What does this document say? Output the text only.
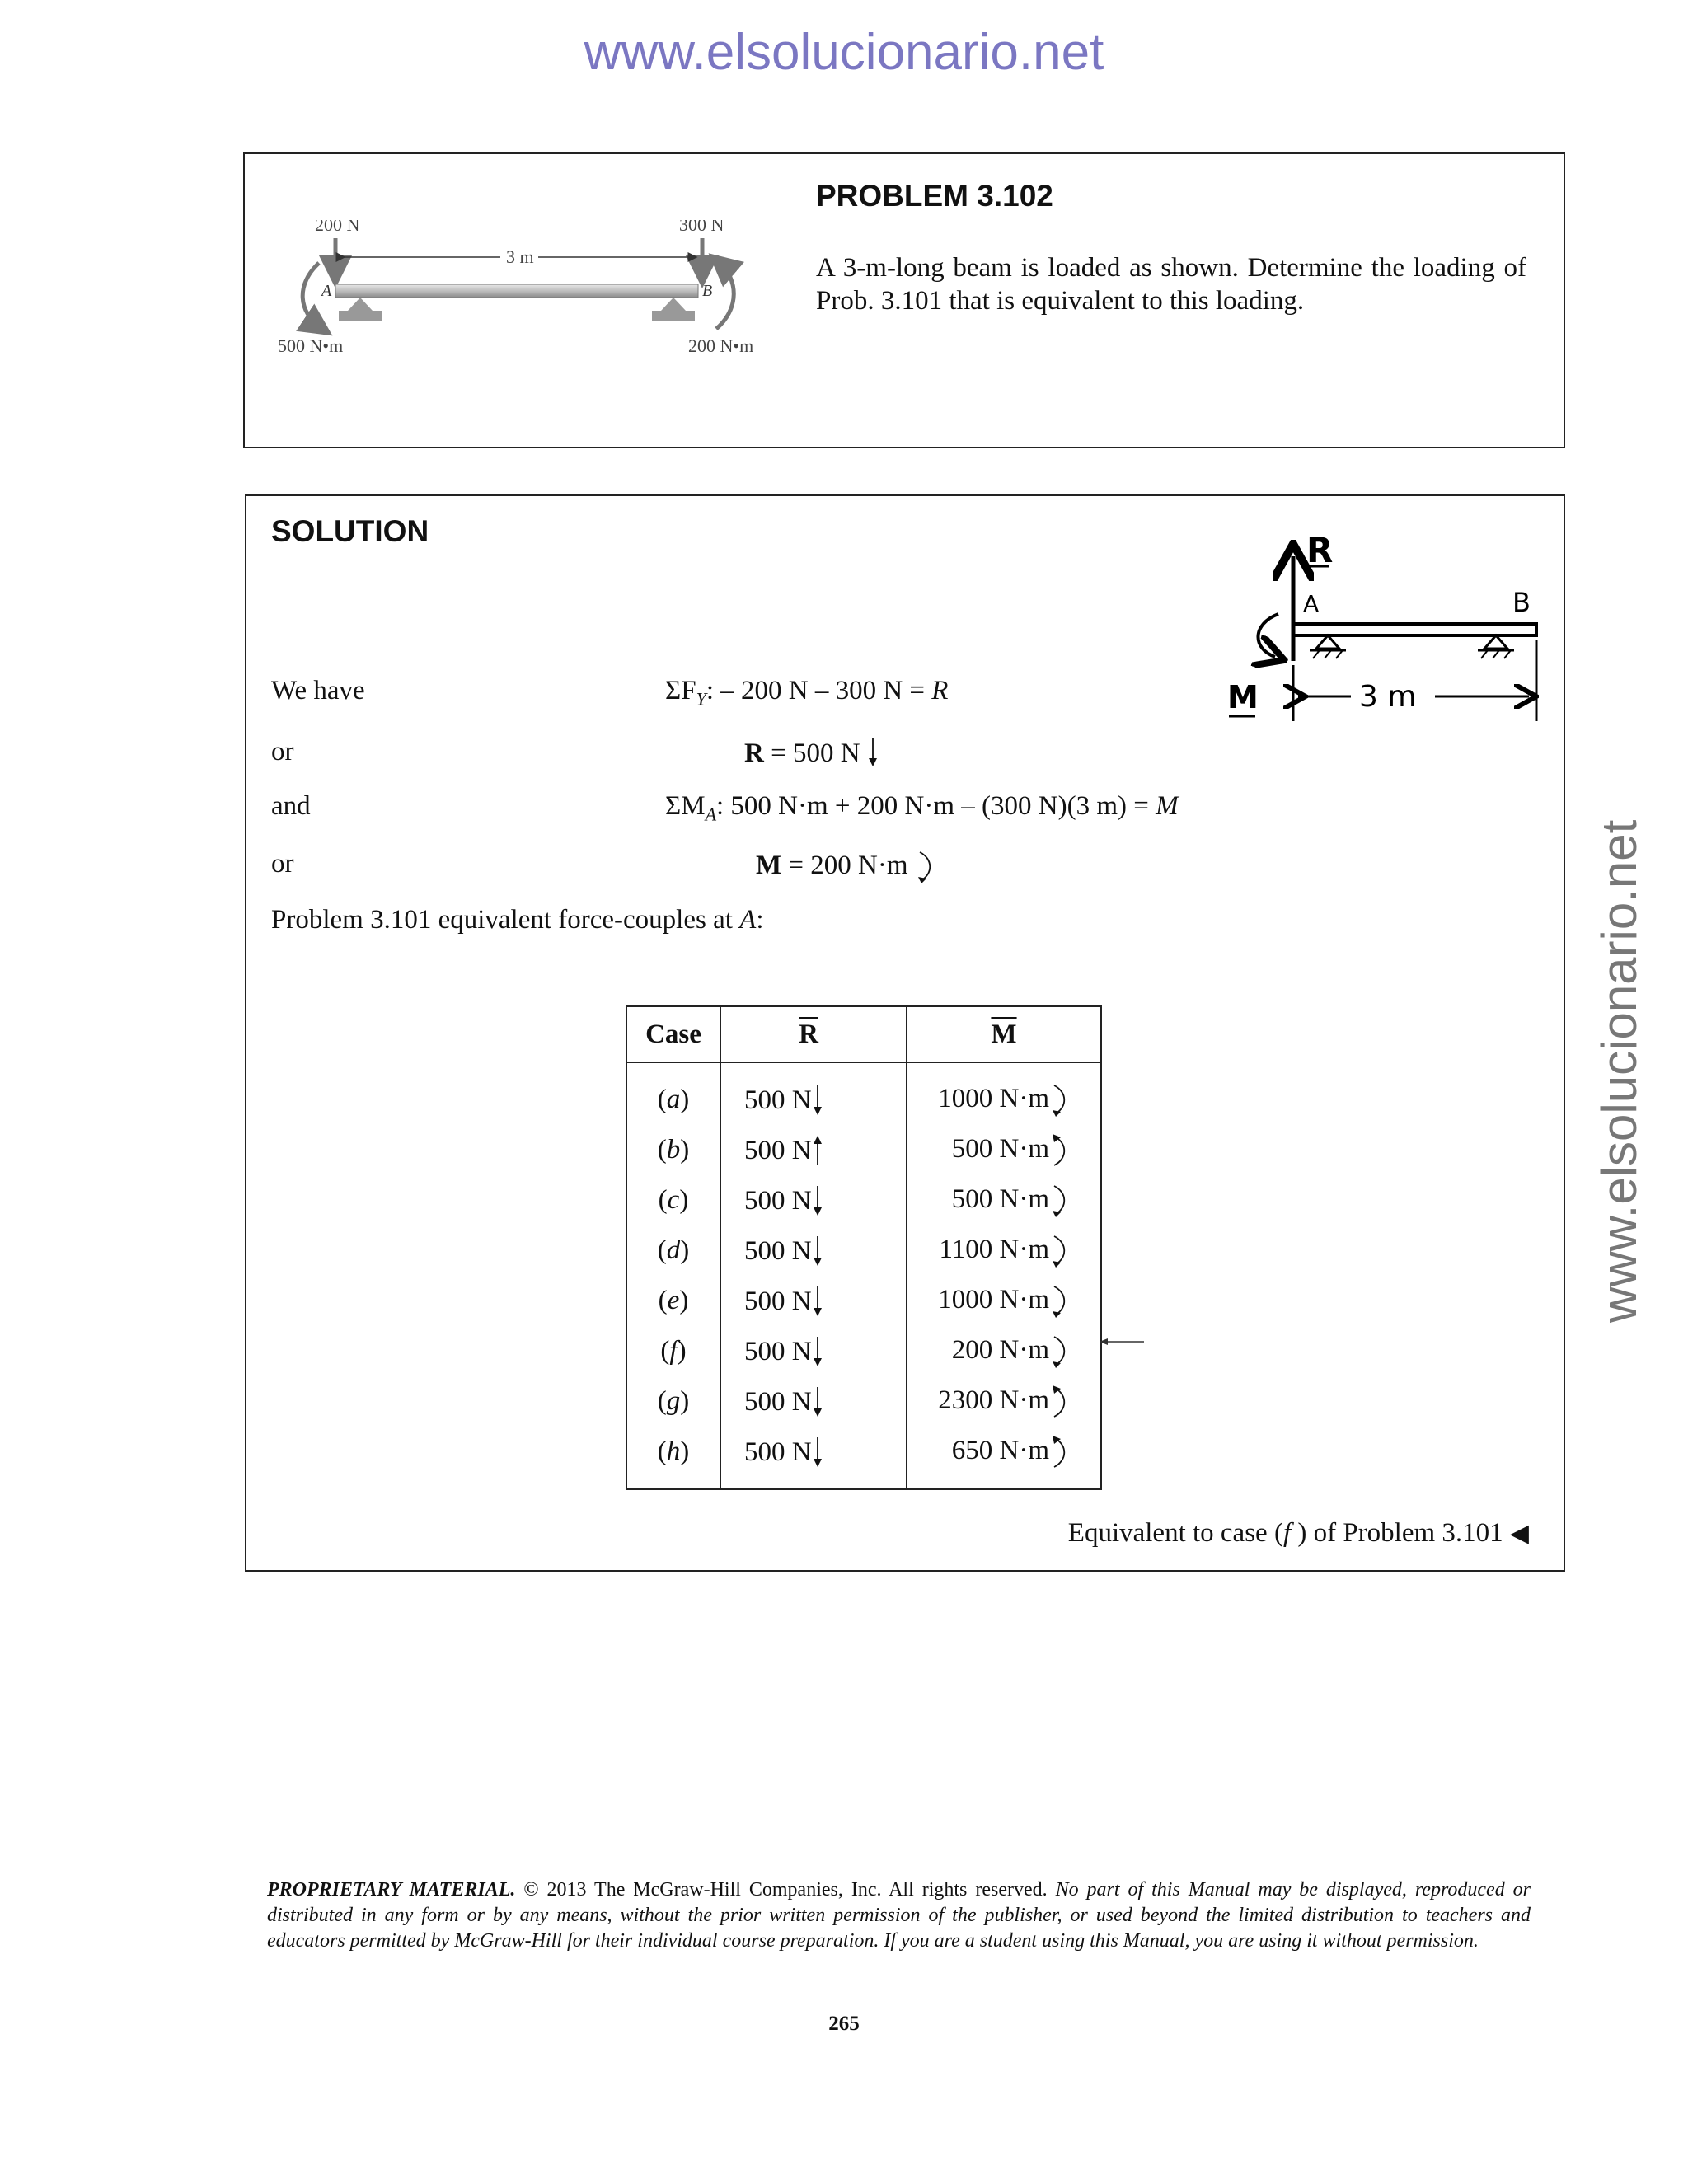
www.elsolucionario.net
www.elsolucionario.net
200 N	300 N
3 m
A	B
500 N•m	200 N•m
PROBLEM 3.102
A 3-m-long beam is loaded as shown. Determine the loading of Prob. 3.101 that is equivalent to this loading.
SOLUTION	R
A	B
M	3 m
We have	$\Sigma F_Y$: – 200 N – 300 N = R
or	R = 500 N
and	$\Sigma M_A$: 500 N·m + 200 N·m – (300 N)(3 m) = M
or	M = 200 N·m
Problem 3.101 equivalent force-couples at A:
Case	$\overline{R}$	$\overline{M}$
(a)	500 N	1000 N·m
(b)	500 N	500 N·m
(c)	500 N	500 N·m
(d)	500 N	1100 N·m
(e)	500 N	1000 N·m
(f)	500 N	200 N·m
(g)	500 N	2300 N·m
(h)	500 N	650 N·m
Equivalent to case (f ) of Problem 3.101 ◀
PROPRIETARY MATERIAL. © 2013 The McGraw-Hill Companies, Inc. All rights reserved. No part of this Manual may be displayed, reproduced or distributed in any form or by any means, without the prior written permission of the publisher, or used beyond the limited distribution to teachers and educators permitted by McGraw-Hill for their individual course preparation. If you are a student using this Manual, you are using it without permission.
265
